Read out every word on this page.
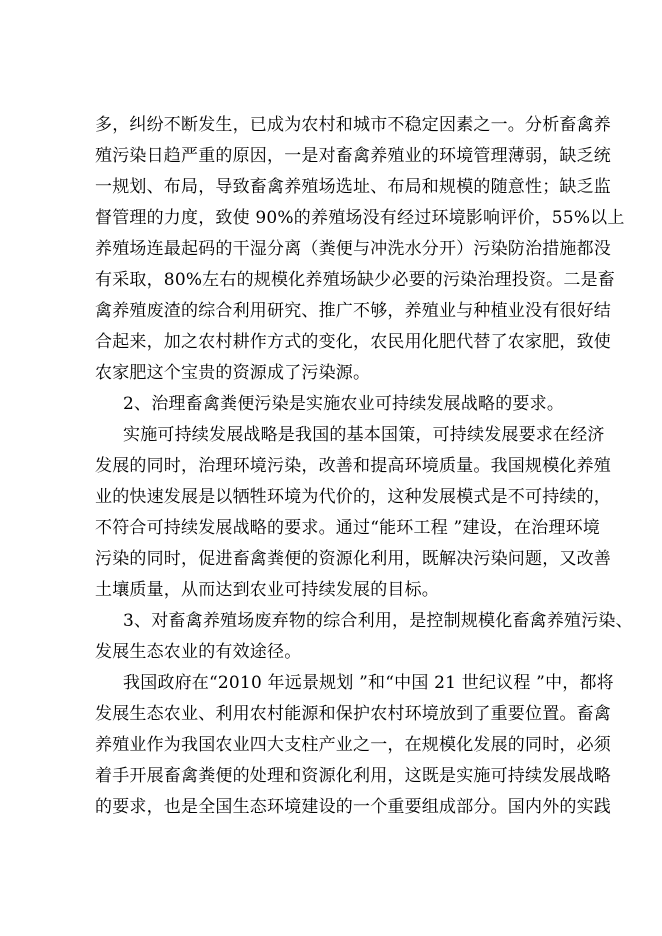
多，纠纷不断发生，已成为农村和城市不稳定因素之一。分析畜禽养
殖污染日趋严重的原因，一是对畜禽养殖业的环境管理薄弱，缺乏统
一规划、布局，导致畜禽养殖场选址、布局和规模的随意性；缺乏监
督管理的力度，致使 90%的养殖场没有经过环境影响评价，55%以上
养殖场连最起码的干湿分离（粪便与冲洗水分开）污染防治措施都没
有采取，80%左右的规模化养殖场缺少必要的污染治理投资。二是畜
禽养殖废渣的综合利用研究、推广不够，养殖业与种植业没有很好结
合起来，加之农村耕作方式的变化，农民用化肥代替了农家肥，致使
农家肥这个宝贵的资源成了污染源。
2、治理畜禽粪便污染是实施农业可持续发展战略的要求。
实施可持续发展战略是我国的基本国策，可持续发展要求在经济
发展的同时，治理环境污染，改善和提高环境质量。我国规模化养殖
业的快速发展是以牺牲环境为代价的，这种发展模式是不可持续的，
不符合可持续发展战略的要求。通过“能环工程 ”建设，在治理环境
污染的同时，促进畜禽粪便的资源化利用，既解决污染问题，又改善
土壤质量，从而达到农业可持续发展的目标。
3、对畜禽养殖场废弃物的综合利用，是控制规模化畜禽养殖污染、
发展生态农业的有效途径。
我国政府在“2010 年远景规划 ”和“中国 21 世纪议程 ”中，都将
发展生态农业、利用农村能源和保护农村环境放到了重要位置。畜禽
养殖业作为我国农业四大支柱产业之一，在规模化发展的同时，必须
着手开展畜禽粪便的处理和资源化利用，这既是实施可持续发展战略
的要求，也是全国生态环境建设的一个重要组成部分。国内外的实践
